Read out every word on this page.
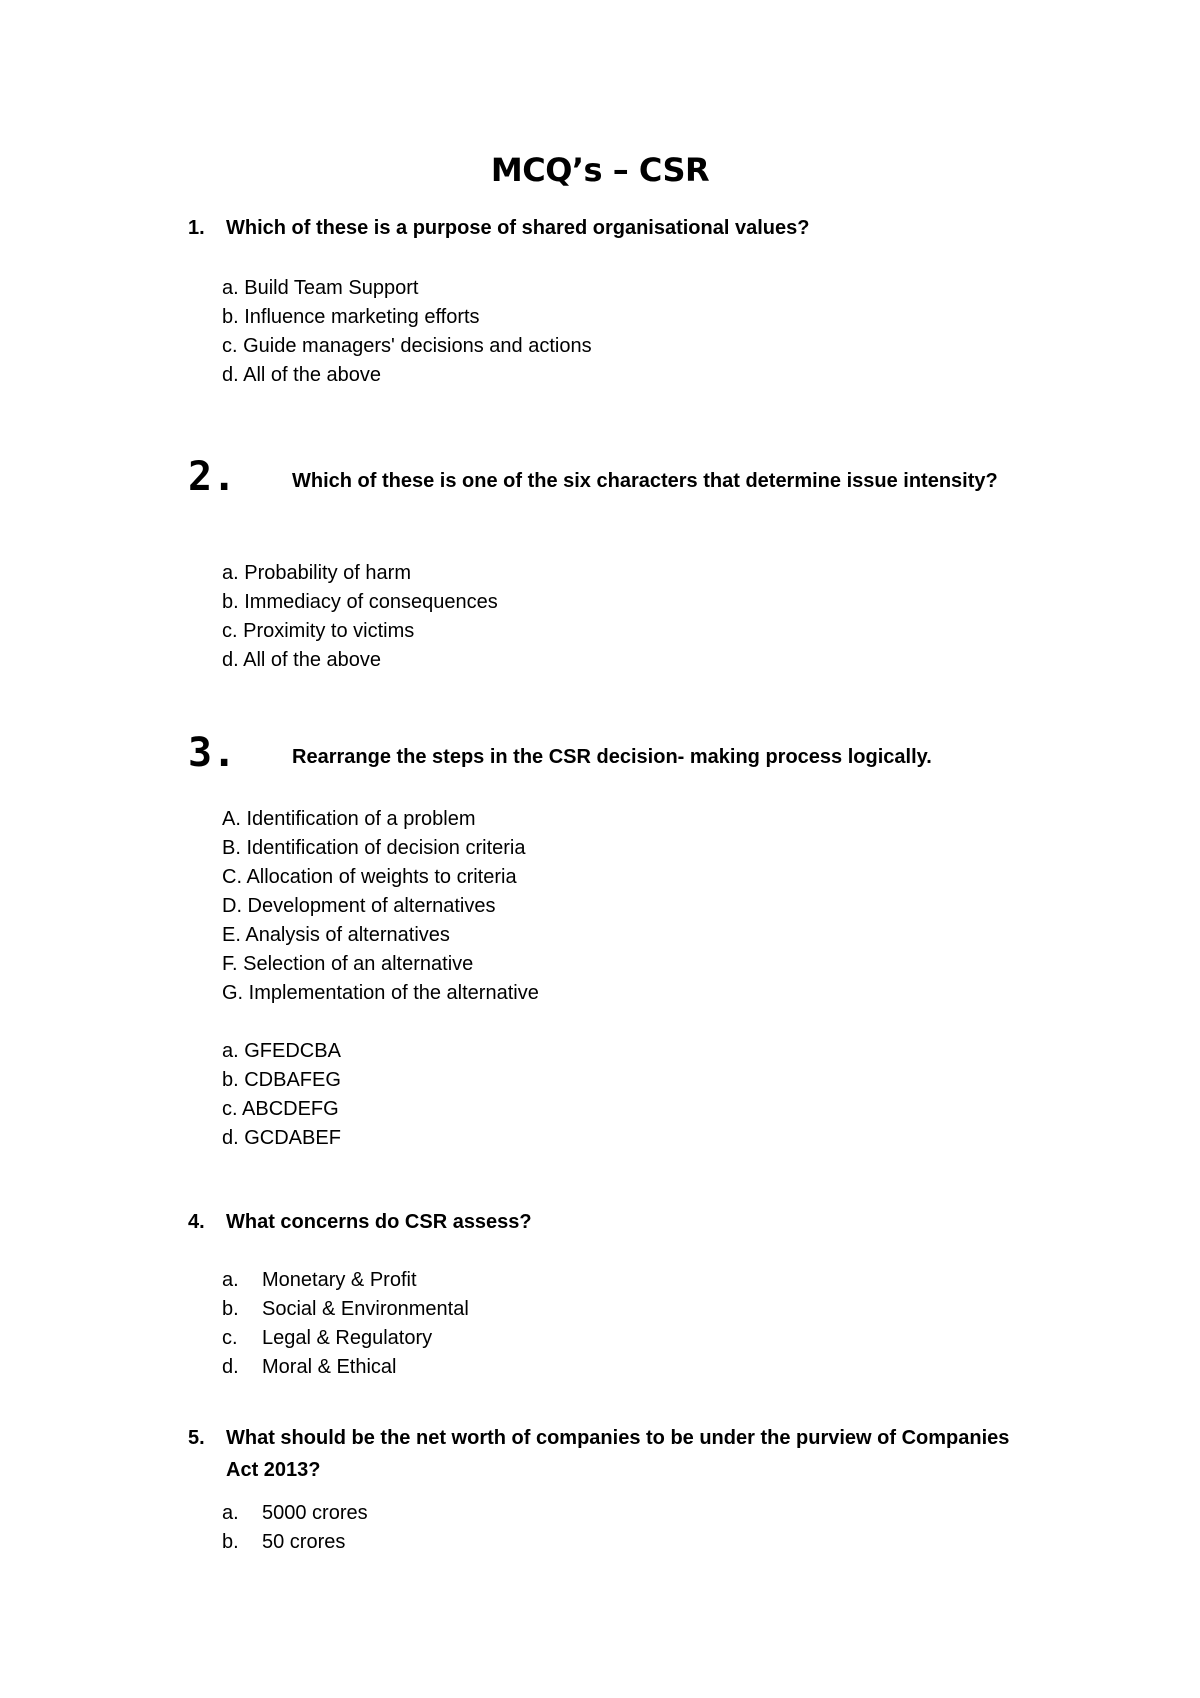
MCQ’s – CSR
1. Which of these is a purpose of shared organisational values?
a. Build Team Support
b. Influence marketing efforts
c. Guide managers' decisions and actions
d. All of the above
2.	Which of these is one of the six characters that determine issue intensity?
a. Probability of harm
b. Immediacy of consequences
c. Proximity to victims
d. All of the above
3.	Rearrange the steps in the CSR decision- making process logically.
A. Identification of a problem
B. Identification of decision criteria
C. Allocation of weights to criteria
D. Development of alternatives
E. Analysis of alternatives
F. Selection of an alternative
G. Implementation of the alternative
a. GFEDCBA
b. CDBAFEG
c. ABCDEFG
d. GCDABEF
4. What concerns do CSR assess?
a. Monetary & Profit
b. Social & Environmental
c. Legal & Regulatory
d. Moral & Ethical
5. What should be the net worth of companies to be under the purview of Companies Act 2013?
a. 5000 crores
b. 50 crores
